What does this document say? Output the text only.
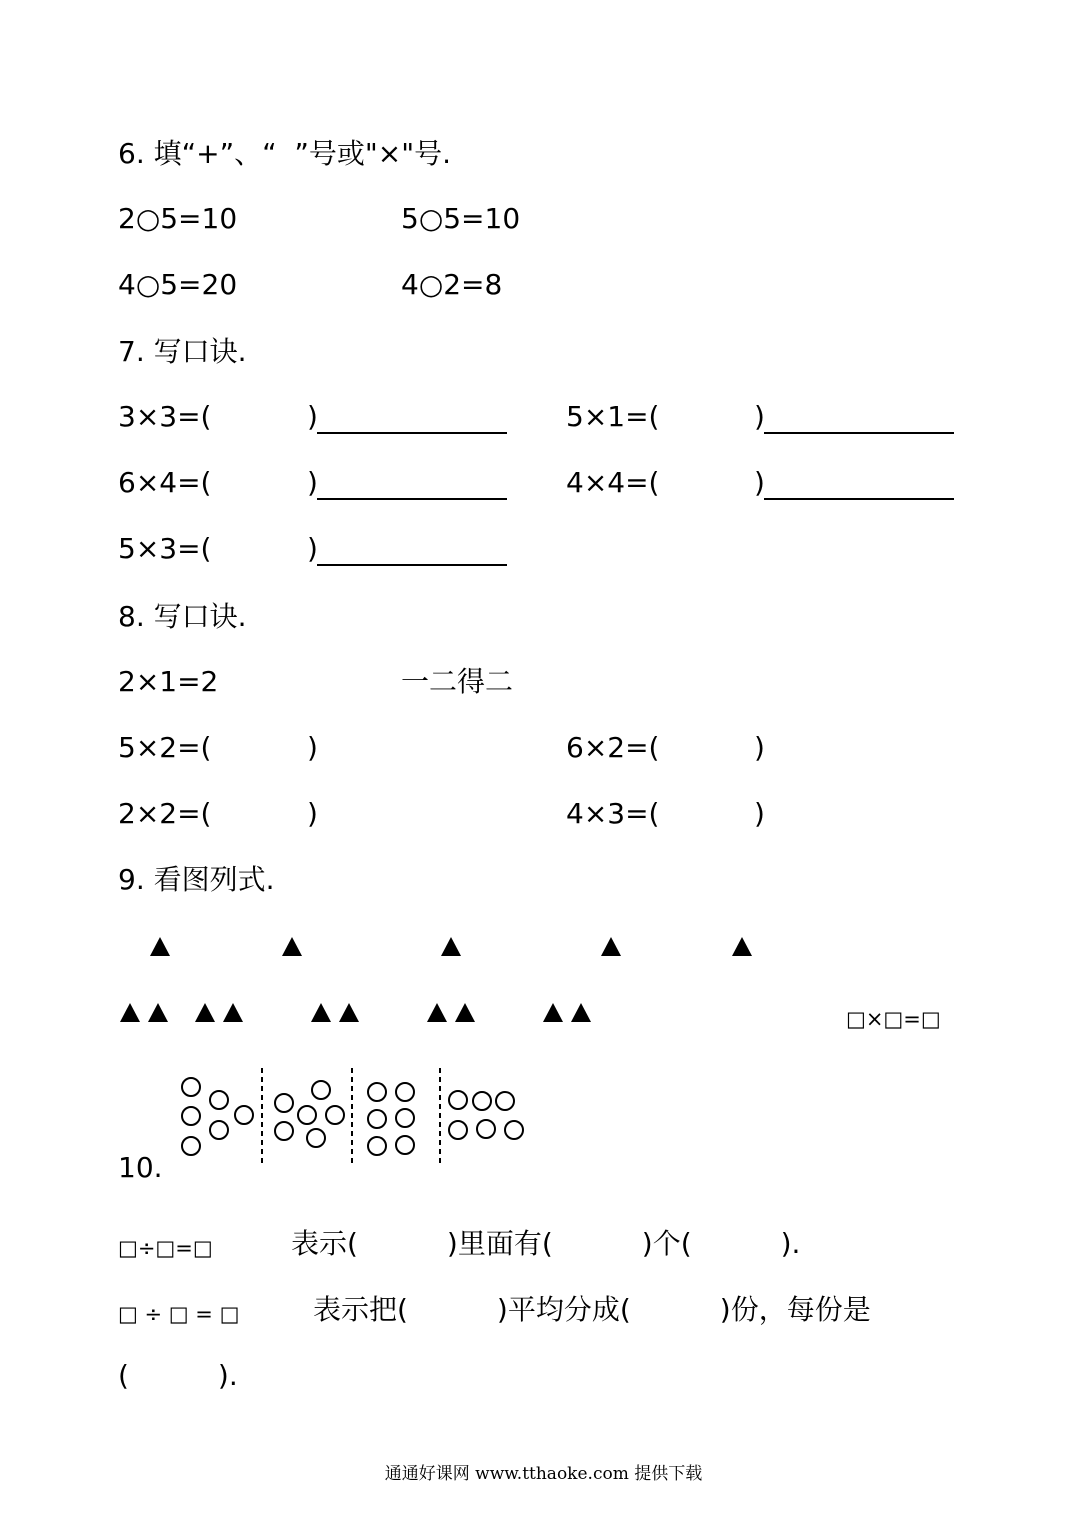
6. 填“+”、“  ”号或"×"号.
2○5=10	5○5=10
4○5=20	4○2=8
7. 写口诀.
3×3=(	)	5×1=(	)
6×4=(	)	4×4=(	)
5×3=(	)
8. 写口诀.
2×1=2	一二得二
5×2=(	)	6×2=(	)
2×2=(	)	4×3=(	)
9. 看图列式.
□×□=□
10.
□÷□=□	表示(          )里面有(          )个(          ).
□ ÷ □ = □	表示把(          )平均分成(          )份，每份是
(          ).
通通好课网 www.tthaoke.com 提供下载
